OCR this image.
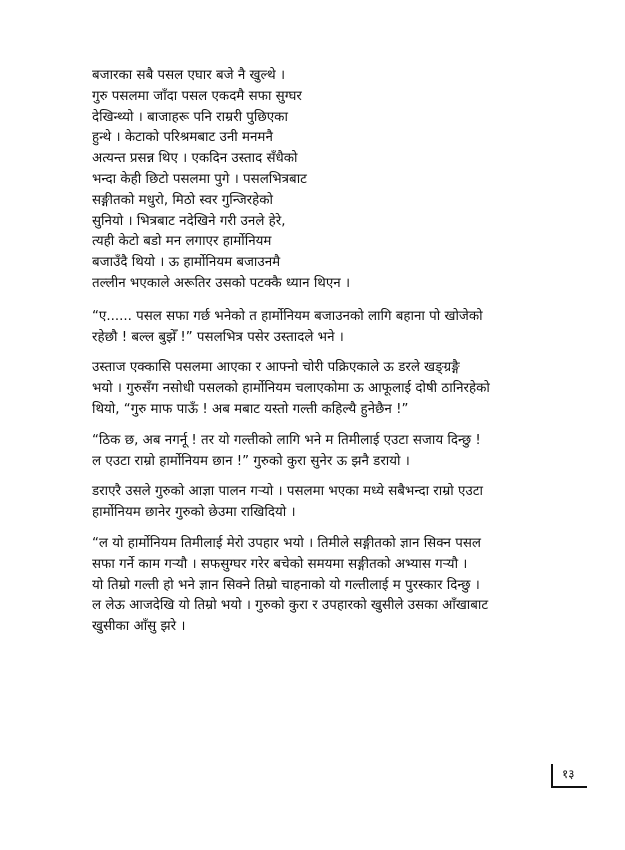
बजारका सबै पसल एघार बजे नै खुल्थे ।
गुरु पसलमा जाँदा पसल एकदमै सफा सुग्घर
देखिन्थ्यो । बाजाहरू पनि राम्ररी पुछिएका
हुन्थे । केटाको परिश्रमबाट उनी मनमनै
अत्यन्त प्रसन्न थिए । एकदिन उस्ताद सँधैको
भन्दा केही छिटो पसलमा पुगे । पसलभित्रबाट
सङ्गीतको मधुरो, मिठो स्वर गुन्जिरहेको
सुनियो । भित्रबाट नदेखिने गरी उनले हेरे,
त्यही केटो बडो मन लगाएर हार्मोनियम
बजाउँदै थियो । ऊ हार्मोनियम बजाउनमै
तल्लीन भएकाले अरूतिर उसको पटक्कै ध्यान थिएन ।

“ए...... पसल सफा गर्छ भनेको त हार्मोनियम बजाउनको लागि बहाना पो खोजेको
रहेछौ ! बल्ल बुझेँ !” पसलभित्र पसेर उस्तादले भने ।

उस्ताज एक्कासि पसलमा आएका र आफ्नो चोरी पक्रिएकाले ऊ डरले खङ्ग्रङ्गै
भयो । गुरुसँग नसोधी पसलको हार्मोनियम चलाएकोमा ऊ आफूलाई दोषी ठानिरहेको
थियो, “गुरु माफ पाऊँ ! अब मबाट यस्तो गल्ती कहिल्यै हुनेछैन !”

“ठिक छ, अब नगर्नू ! तर यो गल्तीको लागि भने म तिमीलाई एउटा सजाय दिन्छु !
ल एउटा राम्रो हार्मोनियम छान !” गुरुको कुरा सुनेर ऊ झनै डरायो ।

डराएरै उसले गुरुको आज्ञा पालन गर्‍यो । पसलमा भएका मध्ये सबैभन्दा राम्रो एउटा
हार्मोनियम छानेर गुरुको छेउमा राखिदियो ।

“ल यो हार्मोनियम तिमीलाई मेरो उपहार भयो । तिमीले सङ्गीतको ज्ञान सिक्न पसल
सफा गर्ने काम गर्‍यौ । सफसुग्घर गरेर बचेको समयमा सङ्गीतको अभ्यास गर्‍यौ ।
यो तिम्रो गल्ती हो भने ज्ञान सिक्ने तिम्रो चाहनाको यो गल्तीलाई म पुरस्कार दिन्छु ।
ल लेऊ आजदेखि यो तिम्रो भयो । गुरुको कुरा र उपहारको खुसीले उसका आँखाबाट
खुसीका आँसु झरे ।

१३
